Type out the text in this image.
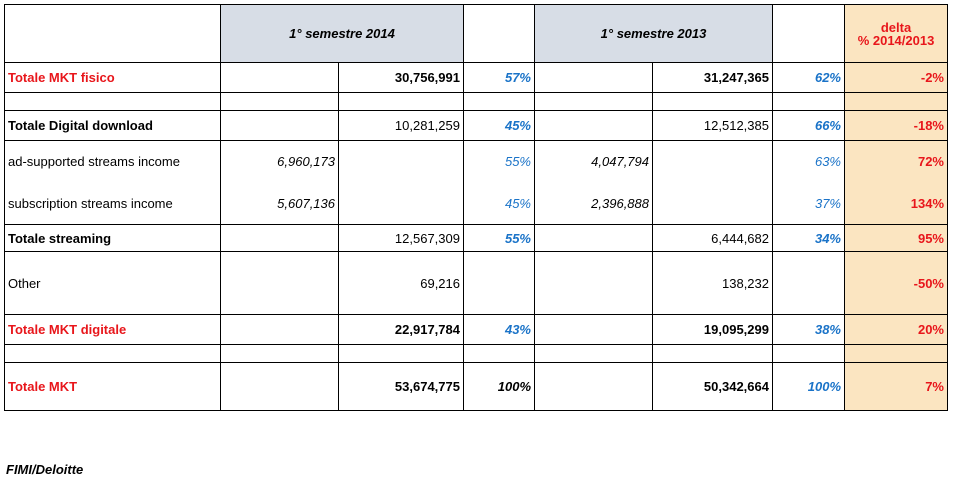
	1° semestre 2014			1° semestre 2013			delta
% 2014/2013

Totale MKT fisico		30,756,991	57%		31,247,365	62%	-2%

Totale Digital download		10,281,259	45%		12,512,385	66%	-18%
ad-supported streams income	6,960,173		55%	4,047,794		63%	72%
subscription streams income	5,607,136		45%	2,396,888		37%	134%
Totale streaming		12,567,309	55%		6,444,682	34%	95%
Other		69,216			138,232		-50%
Totale MKT digitale		22,917,784	43%		19,095,299	38%	20%

Totale MKT		53,674,775	100%		50,342,664	100%	7%
FIMI/Deloitte
